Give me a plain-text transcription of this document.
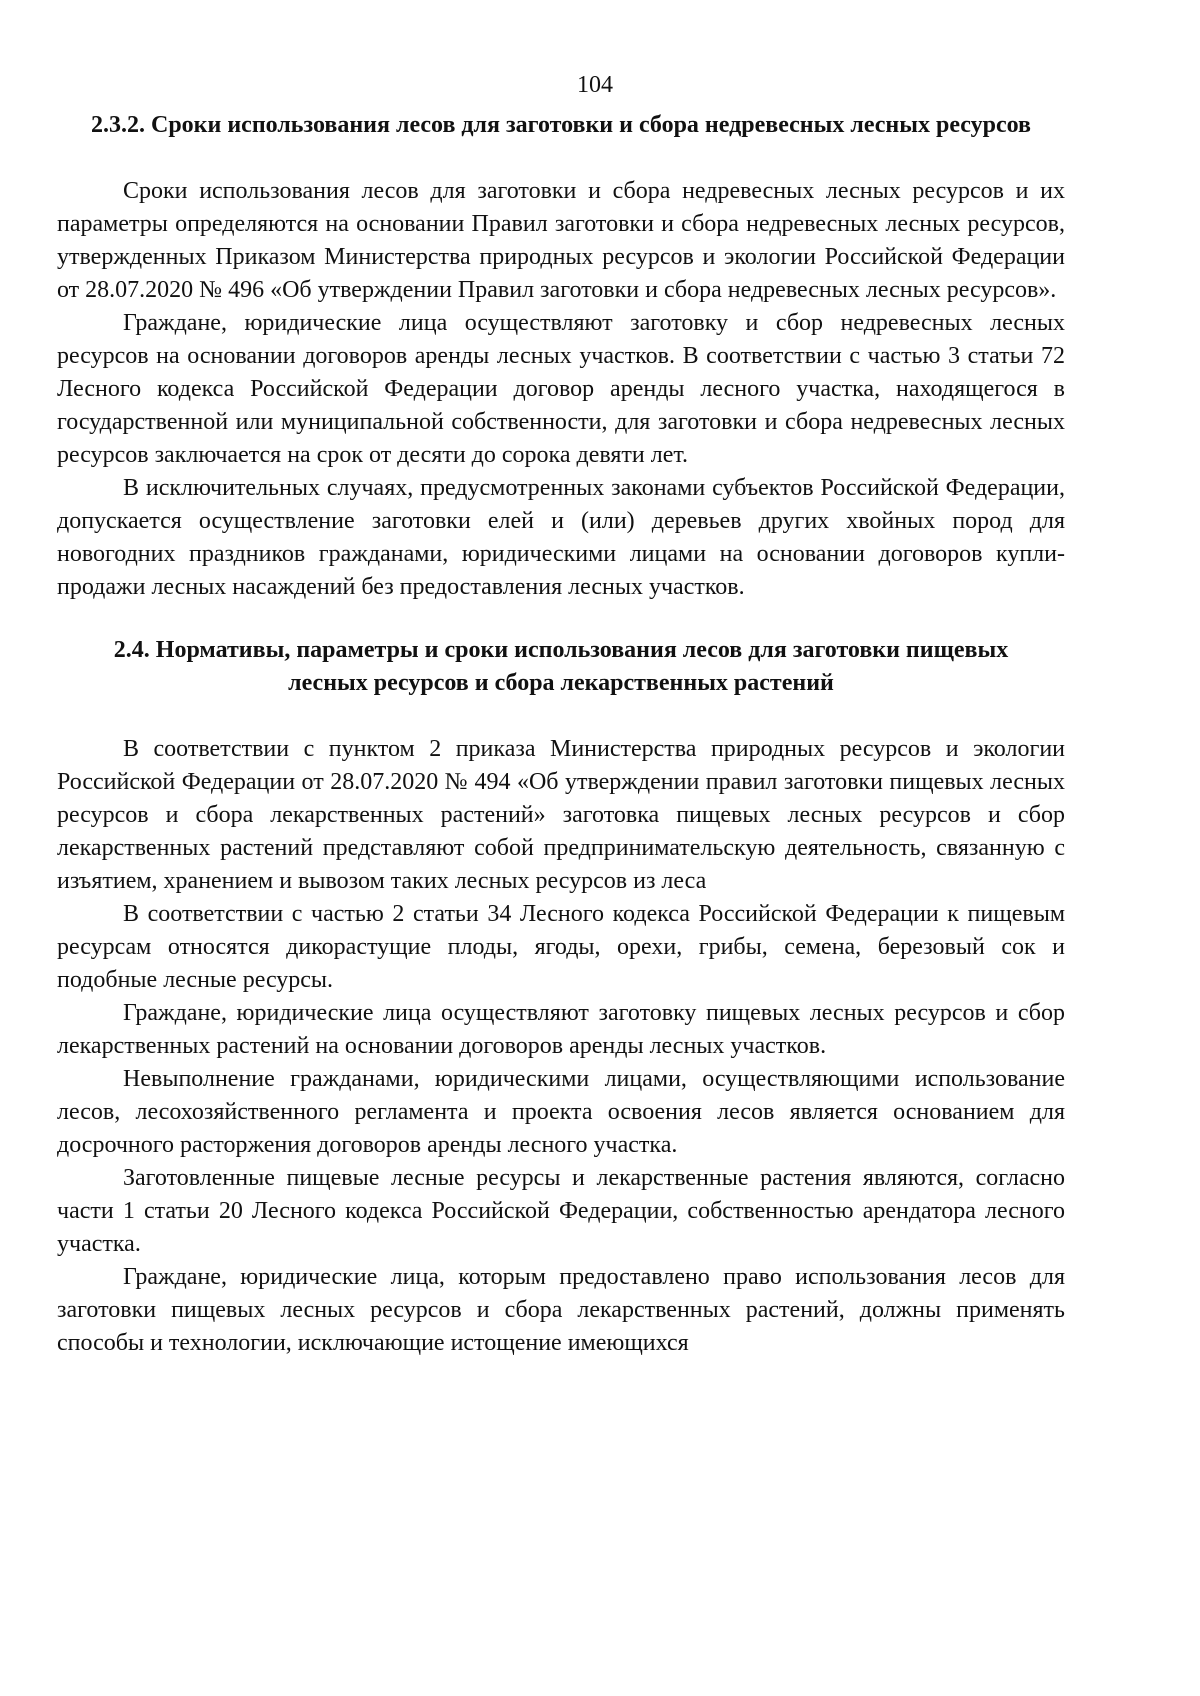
104
2.3.2. Сроки использования лесов для заготовки и сбора недревесных лесных ресурсов

Сроки использования лесов для заготовки и сбора недревесных лесных ресурсов и их параметры определяются на основании Правил заготовки и сбора недревесных лесных ресурсов, утвержденных Приказом Министерства природных ресурсов и экологии Российской Федерации от 28.07.2020 № 496 «Об утверждении Правил заготовки и сбора недревесных лесных ресурсов».

Граждане, юридические лица осуществляют заготовку и сбор недревесных лесных ресурсов на основании договоров аренды лесных участков. В соответствии с частью 3 статьи 72 Лесного кодекса Российской Федерации договор аренды лесного участка, находящегося в государственной или муниципальной собственности, для заготовки и сбора недревесных лесных ресурсов заключается на срок от десяти до сорока девяти лет.

В исключительных случаях, предусмотренных законами субъектов Российской Федерации, допускается осуществление заготовки елей и (или) деревьев других хвойных пород для новогодних праздников гражданами, юридическими лицами на основании договоров купли-продажи лесных насаждений без предоставления лесных участков.

2.4. Нормативы, параметры и сроки использования лесов для заготовки пищевых лесных ресурсов и сбора лекарственных растений

В соответствии с пунктом 2 приказа Министерства природных ресурсов и экологии Российской Федерации от 28.07.2020 № 494 «Об утверждении правил заготовки пищевых лесных ресурсов и сбора лекарственных растений» заготовка пищевых лесных ресурсов и сбор лекарственных растений представляют собой предпринимательскую деятельность, связанную с изъятием, хранением и вывозом таких лесных ресурсов из леса

В соответствии с частью 2 статьи 34 Лесного кодекса Российской Федерации к пищевым ресурсам относятся дикорастущие плоды, ягоды, орехи, грибы, семена, березовый сок и подобные лесные ресурсы.

Граждане, юридические лица осуществляют заготовку пищевых лесных ресурсов и сбор лекарственных растений на основании договоров аренды лесных участков.

Невыполнение гражданами, юридическими лицами, осуществляющими использование лесов, лесохозяйственного регламента и проекта освоения лесов является основанием для досрочного расторжения договоров аренды лесного участка.

Заготовленные пищевые лесные ресурсы и лекарственные растения являются, согласно части 1 статьи 20 Лесного кодекса Российской Федерации, собственностью арендатора лесного участка.

Граждане, юридические лица, которым предоставлено право использования лесов для заготовки пищевых лесных ресурсов и сбора лекарственных растений, должны применять способы и технологии, исключающие истощение имеющихся
